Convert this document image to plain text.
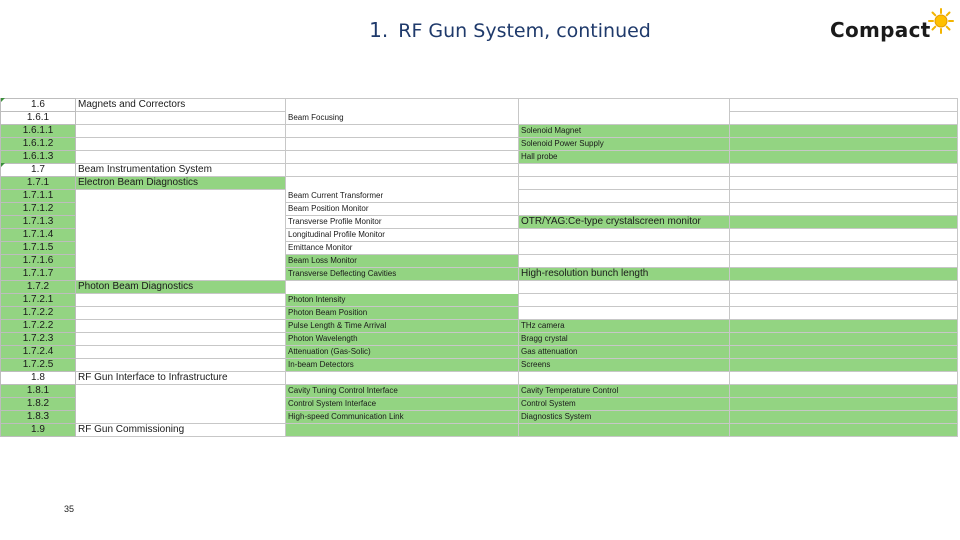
1. RF Gun System, continued	Compact
1.6	Magnets and Correctors			
1.6.1		Beam Focusing		
1.6.1.1			Solenoid Magnet	
1.6.1.2			Solenoid Power Supply	
1.6.1.3			Hall probe	
1.7	Beam Instrumentation System			
1.7.1	Electron Beam Diagnostics			
1.7.1.1		Beam Current Transformer		
1.7.1.2		Beam Position Monitor		
1.7.1.3		Transverse Profile Monitor	OTR/YAG:Ce-type crystalscreen monitor	
1.7.1.4		Longitudinal Profile Monitor		
1.7.1.5		Emittance Monitor		
1.7.1.6		Beam Loss Monitor		
1.7.1.7		Transverse Deflecting Cavities	High-resolution bunch length	
1.7.2	Photon Beam Diagnostics			
1.7.2.1		Photon Intensity		
1.7.2.2		Photon Beam Position		
1.7.2.2		Pulse Length & Time Arrival	THz camera	
1.7.2.3		Photon Wavelength	Bragg crystal	
1.7.2.4		Attenuation (Gas-Solic)	Gas attenuation	
1.7.2.5		In-beam Detectors	Screens	
1.8	RF Gun Interface to Infrastructure			
1.8.1		Cavity Tuning Control Interface	Cavity Temperature Control	
1.8.2		Control System Interface	Control System	
1.8.3		High-speed Communication Link	Diagnostics System	
1.9	RF Gun Commissioning			
35
